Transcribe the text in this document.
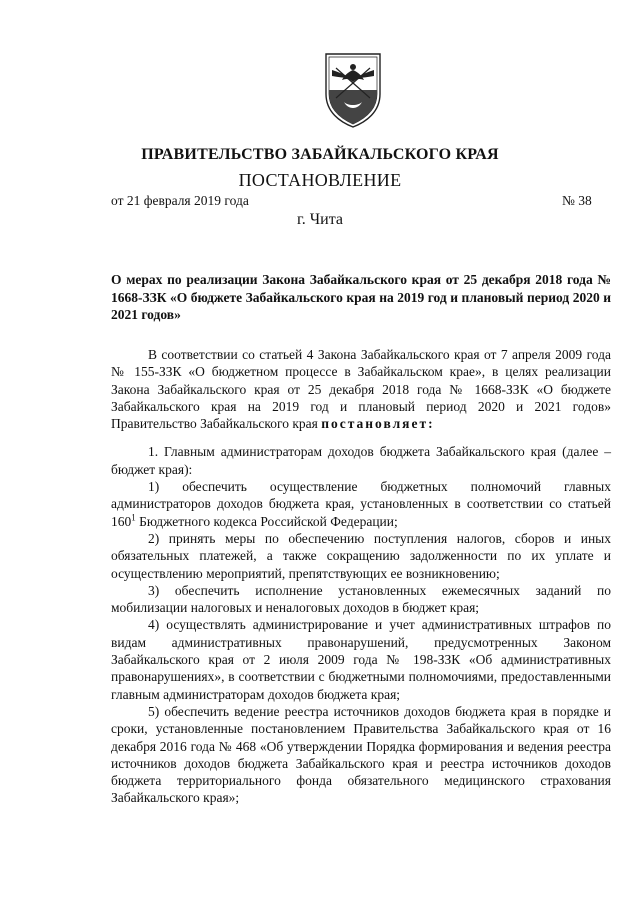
ПРАВИТЕЛЬСТВО ЗАБАЙКАЛЬСКОГО КРАЯ
ПОСТАНОВЛЕНИЕ
от 21 февраля 2019 года	№ 38
г. Чита
О мерах по реализации Закона Забайкальского края от 25 декабря 2018 года № 1668-ЗЗК «О бюджете Забайкальского края на 2019 год и плановый период 2020 и 2021 годов»

В соответствии со статьей 4 Закона Забайкальского края от 7 апреля 2009 года № 155-ЗЗК «О бюджетном процессе в Забайкальском крае», в целях реализации Закона Забайкальского края от 25 декабря 2018 года № 1668-ЗЗК «О бюджете Забайкальского края на 2019 год и плановый период 2020 и 2021 годов» Правительство Забайкальского края постановляет:

1. Главным администраторам доходов бюджета Забайкальского края (далее – бюджет края):

1) обеспечить осуществление бюджетных полномочий главных администраторов доходов бюджета края, установленных в соответствии со статьей $160^1$ Бюджетного кодекса Российской Федерации;

2) принять меры по обеспечению поступления налогов, сборов и иных обязательных платежей, а также сокращению задолженности по их уплате и осуществлению мероприятий, препятствующих ее возникновению;

3) обеспечить исполнение установленных ежемесячных заданий по мобилизации налоговых и неналоговых доходов в бюджет края;

4) осуществлять администрирование и учет административных штрафов по видам административных правонарушений, предусмотренных Законом Забайкальского края от 2 июля 2009 года № 198-ЗЗК «Об административных правонарушениях», в соответствии с бюджетными полномочиями, предоставленными главным администраторам доходов бюджета края;

5) обеспечить ведение реестра источников доходов бюджета края в порядке и сроки, установленные постановлением Правительства Забайкальского края от 16 декабря 2016 года № 468 «Об утверждении Порядка формирования и ведения реестра источников доходов бюджета Забайкальского края и реестра источников доходов бюджета территориального фонда обязательного медицинского страхования Забайкальского края»;
